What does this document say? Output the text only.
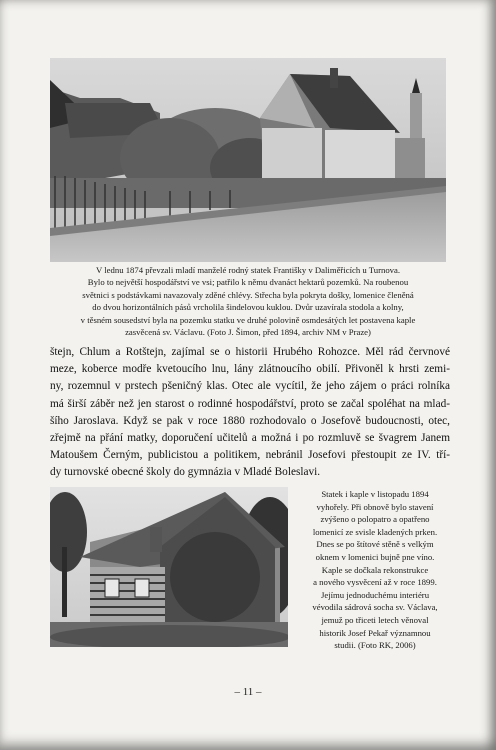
V lednu 1874 převzali mladí manželé rodný statek Františky v Daliměřicích u Turnova.
Bylo to největší hospodářství ve vsi; patřilo k němu dvanáct hektarů pozemků. Na roubenou
světnici s podstávkami navazovaly zděné chlévy. Střecha byla pokryta došky, lomenice členěná
do dvou horizontálních pásů vrcholila šindelovou kuklou. Dvůr uzavírala stodola a kolny,
v těsném sousedství byla na pozemku statku ve druhé polovině osmdesátých let postavena kaple
zasvěcená sv. Václavu. (Foto J. Šimon, před 1894, archiv NM v Praze)
štejn, Chlum a Rotštejn, zajímal se o historii Hrubého Rohozce. Měl rád červnové
meze, koberce modře kvetoucího lnu, lány zlátnoucího obilí. Přivoněl k hrsti zemi-
ny, rozemnul v prstech pšeničný klas. Otec ale vycítil, že jeho zájem o práci rolníka
má širší záběr než jen starost o rodinné hospodářství, proto se začal spoléhat na mlad-
šího Jaroslava. Když se pak v roce 1880 rozhodovalo o Josefově budoucnosti, otec,
zřejmě na přání matky, doporučení učitelů a možná i po rozmluvě se švagrem Janem
Matoušem Černým, publicistou a politikem, nebránil Josefovi přestoupit ze IV. tří-
dy turnovské obecné školy do gymnázia v Mladé Boleslavi.
Statek i kaple v listopadu 1894
vyhořely. Při obnově bylo stavení
zvýšeno o polopatro a opatřeno
lomenicí ze svisle kladených prken.
Dnes se po štítové stěně s velkým
oknem v lomenici bujně pne víno.
Kaple se dočkala rekonstrukce
a nového vysvěcení až v roce 1899.
Jejímu jednoduchému interiéru
vévodila sádrová socha sv. Václava,
jemuž po třiceti letech věnoval
historik Josef Pekař významnou
studii. (Foto RK, 2006)
– 11 –
